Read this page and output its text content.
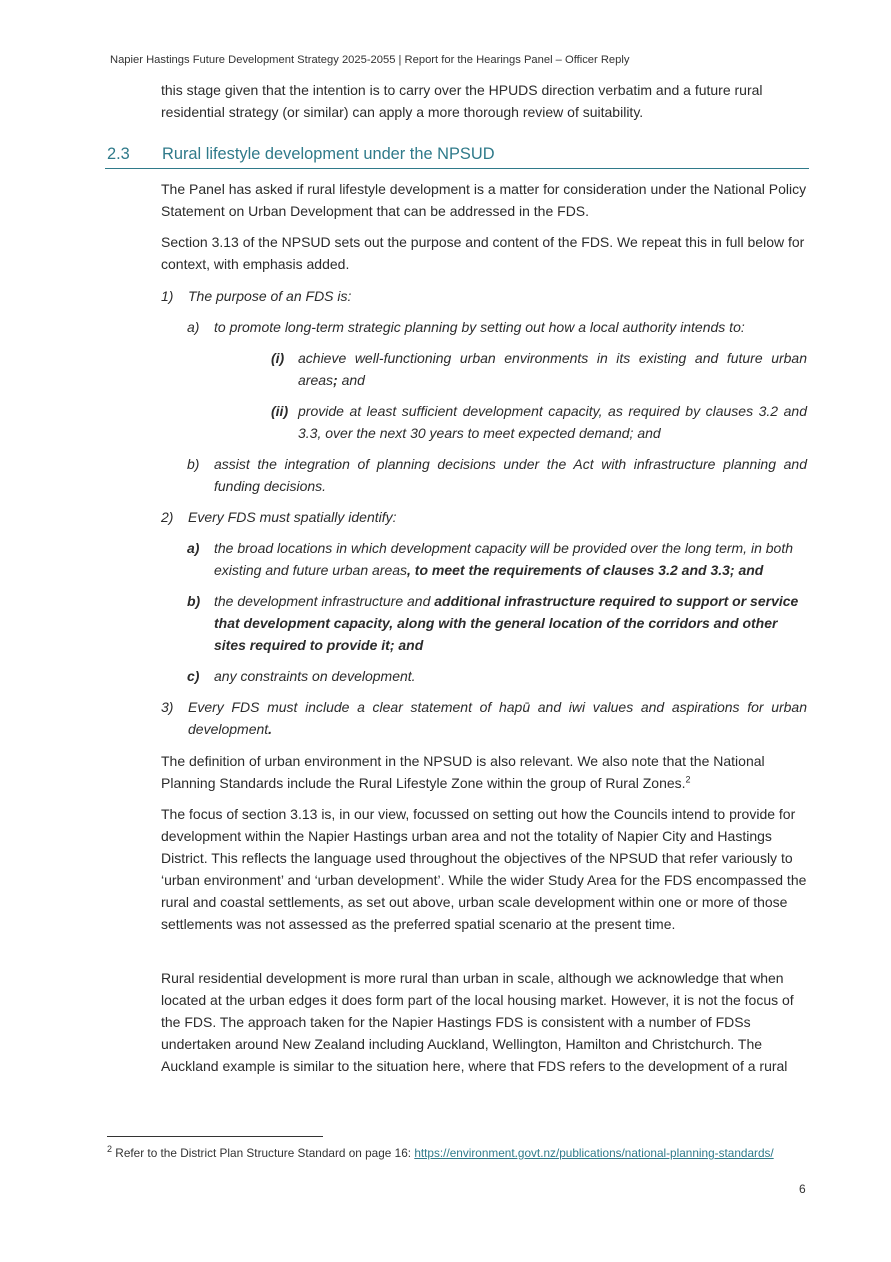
Napier Hastings Future Development Strategy 2025-2055 | Report for the Hearings Panel – Officer Reply
this stage given that the intention is to carry over the HPUDS direction verbatim and a future rural residential strategy (or similar) can apply a more thorough review of suitability.
2.3 Rural lifestyle development under the NPSUD
The Panel has asked if rural lifestyle development is a matter for consideration under the National Policy Statement on Urban Development that can be addressed in the FDS.
Section 3.13 of the NPSUD sets out the purpose and content of the FDS. We repeat this in full below for context, with emphasis added.
1) The purpose of an FDS is:
a) to promote long-term strategic planning by setting out how a local authority intends to:
(i) achieve well-functioning urban environments in its existing and future urban areas; and
(ii) provide at least sufficient development capacity, as required by clauses 3.2 and 3.3, over the next 30 years to meet expected demand; and
b) assist the integration of planning decisions under the Act with infrastructure planning and funding decisions.
2) Every FDS must spatially identify:
a) the broad locations in which development capacity will be provided over the long term, in both existing and future urban areas, to meet the requirements of clauses 3.2 and 3.3; and
b) the development infrastructure and additional infrastructure required to support or service that development capacity, along with the general location of the corridors and other sites required to provide it; and
c) any constraints on development.
3) Every FDS must include a clear statement of hapū and iwi values and aspirations for urban development.
The definition of urban environment in the NPSUD is also relevant. We also note that the National Planning Standards include the Rural Lifestyle Zone within the group of Rural Zones.$^2$
The focus of section 3.13 is, in our view, focussed on setting out how the Councils intend to provide for development within the Napier Hastings urban area and not the totality of Napier City and Hastings District. This reflects the language used throughout the objectives of the NPSUD that refer variously to ‘urban environment’ and ‘urban development’. While the wider Study Area for the FDS encompassed the rural and coastal settlements, as set out above, urban scale development within one or more of those settlements was not assessed as the preferred spatial scenario at the present time.
Rural residential development is more rural than urban in scale, although we acknowledge that when located at the urban edges it does form part of the local housing market. However, it is not the focus of the FDS. The approach taken for the Napier Hastings FDS is consistent with a number of FDSs undertaken around New Zealand including Auckland, Wellington, Hamilton and Christchurch. The Auckland example is similar to the situation here, where that FDS refers to the development of a rural
$^2$ Refer to the District Plan Structure Standard on page 16: https://environment.govt.nz/publications/national-planning-standards/
6
